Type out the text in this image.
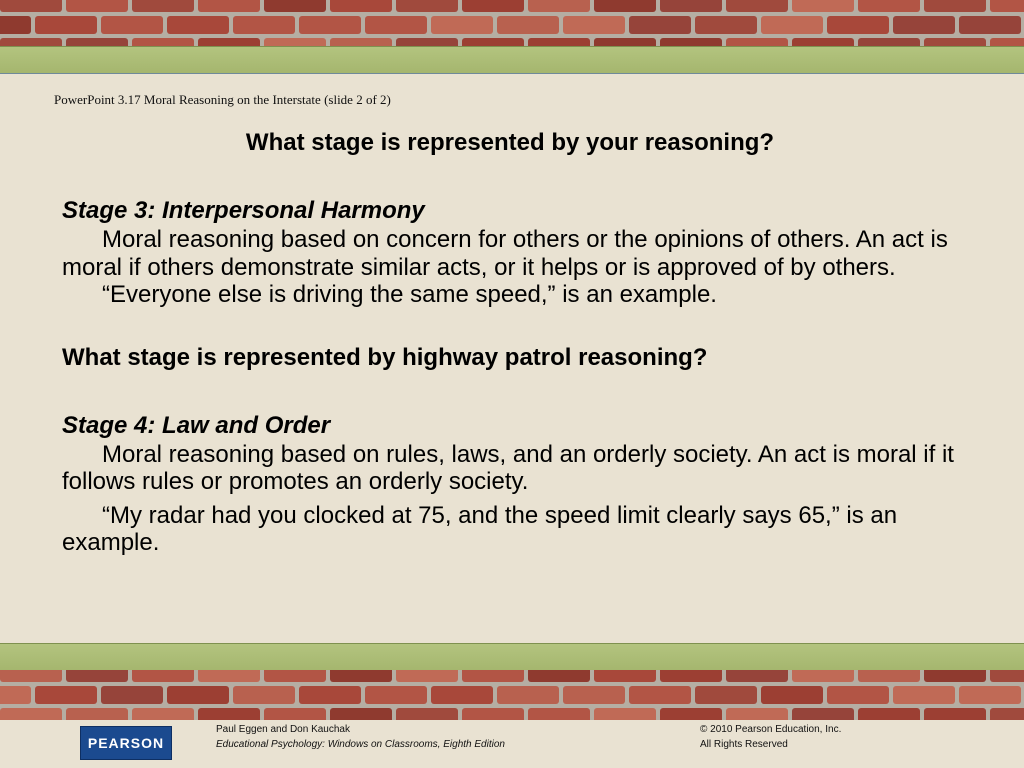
PowerPoint 3.17 Moral Reasoning on the Interstate (slide 2 of 2)

What stage is represented by your reasoning?

Stage 3: Interpersonal Harmony

Moral reasoning based on concern for others or the opinions of others. An act is moral if others demonstrate similar acts, or it helps or is approved of by others.

“Everyone else is driving the same speed,” is an example.

What stage is represented by highway patrol reasoning?

Stage 4: Law and Order

Moral reasoning based on rules, laws, and an orderly society. An act is moral if it follows rules or promotes an orderly society.

“My radar had you clocked at 75, and the speed limit clearly says 65,” is an example.

PEARSON
Paul Eggen and Don Kauchak
Educational Psychology: Windows on Classrooms, Eighth Edition
© 2010 Pearson Education, Inc.
All Rights Reserved
